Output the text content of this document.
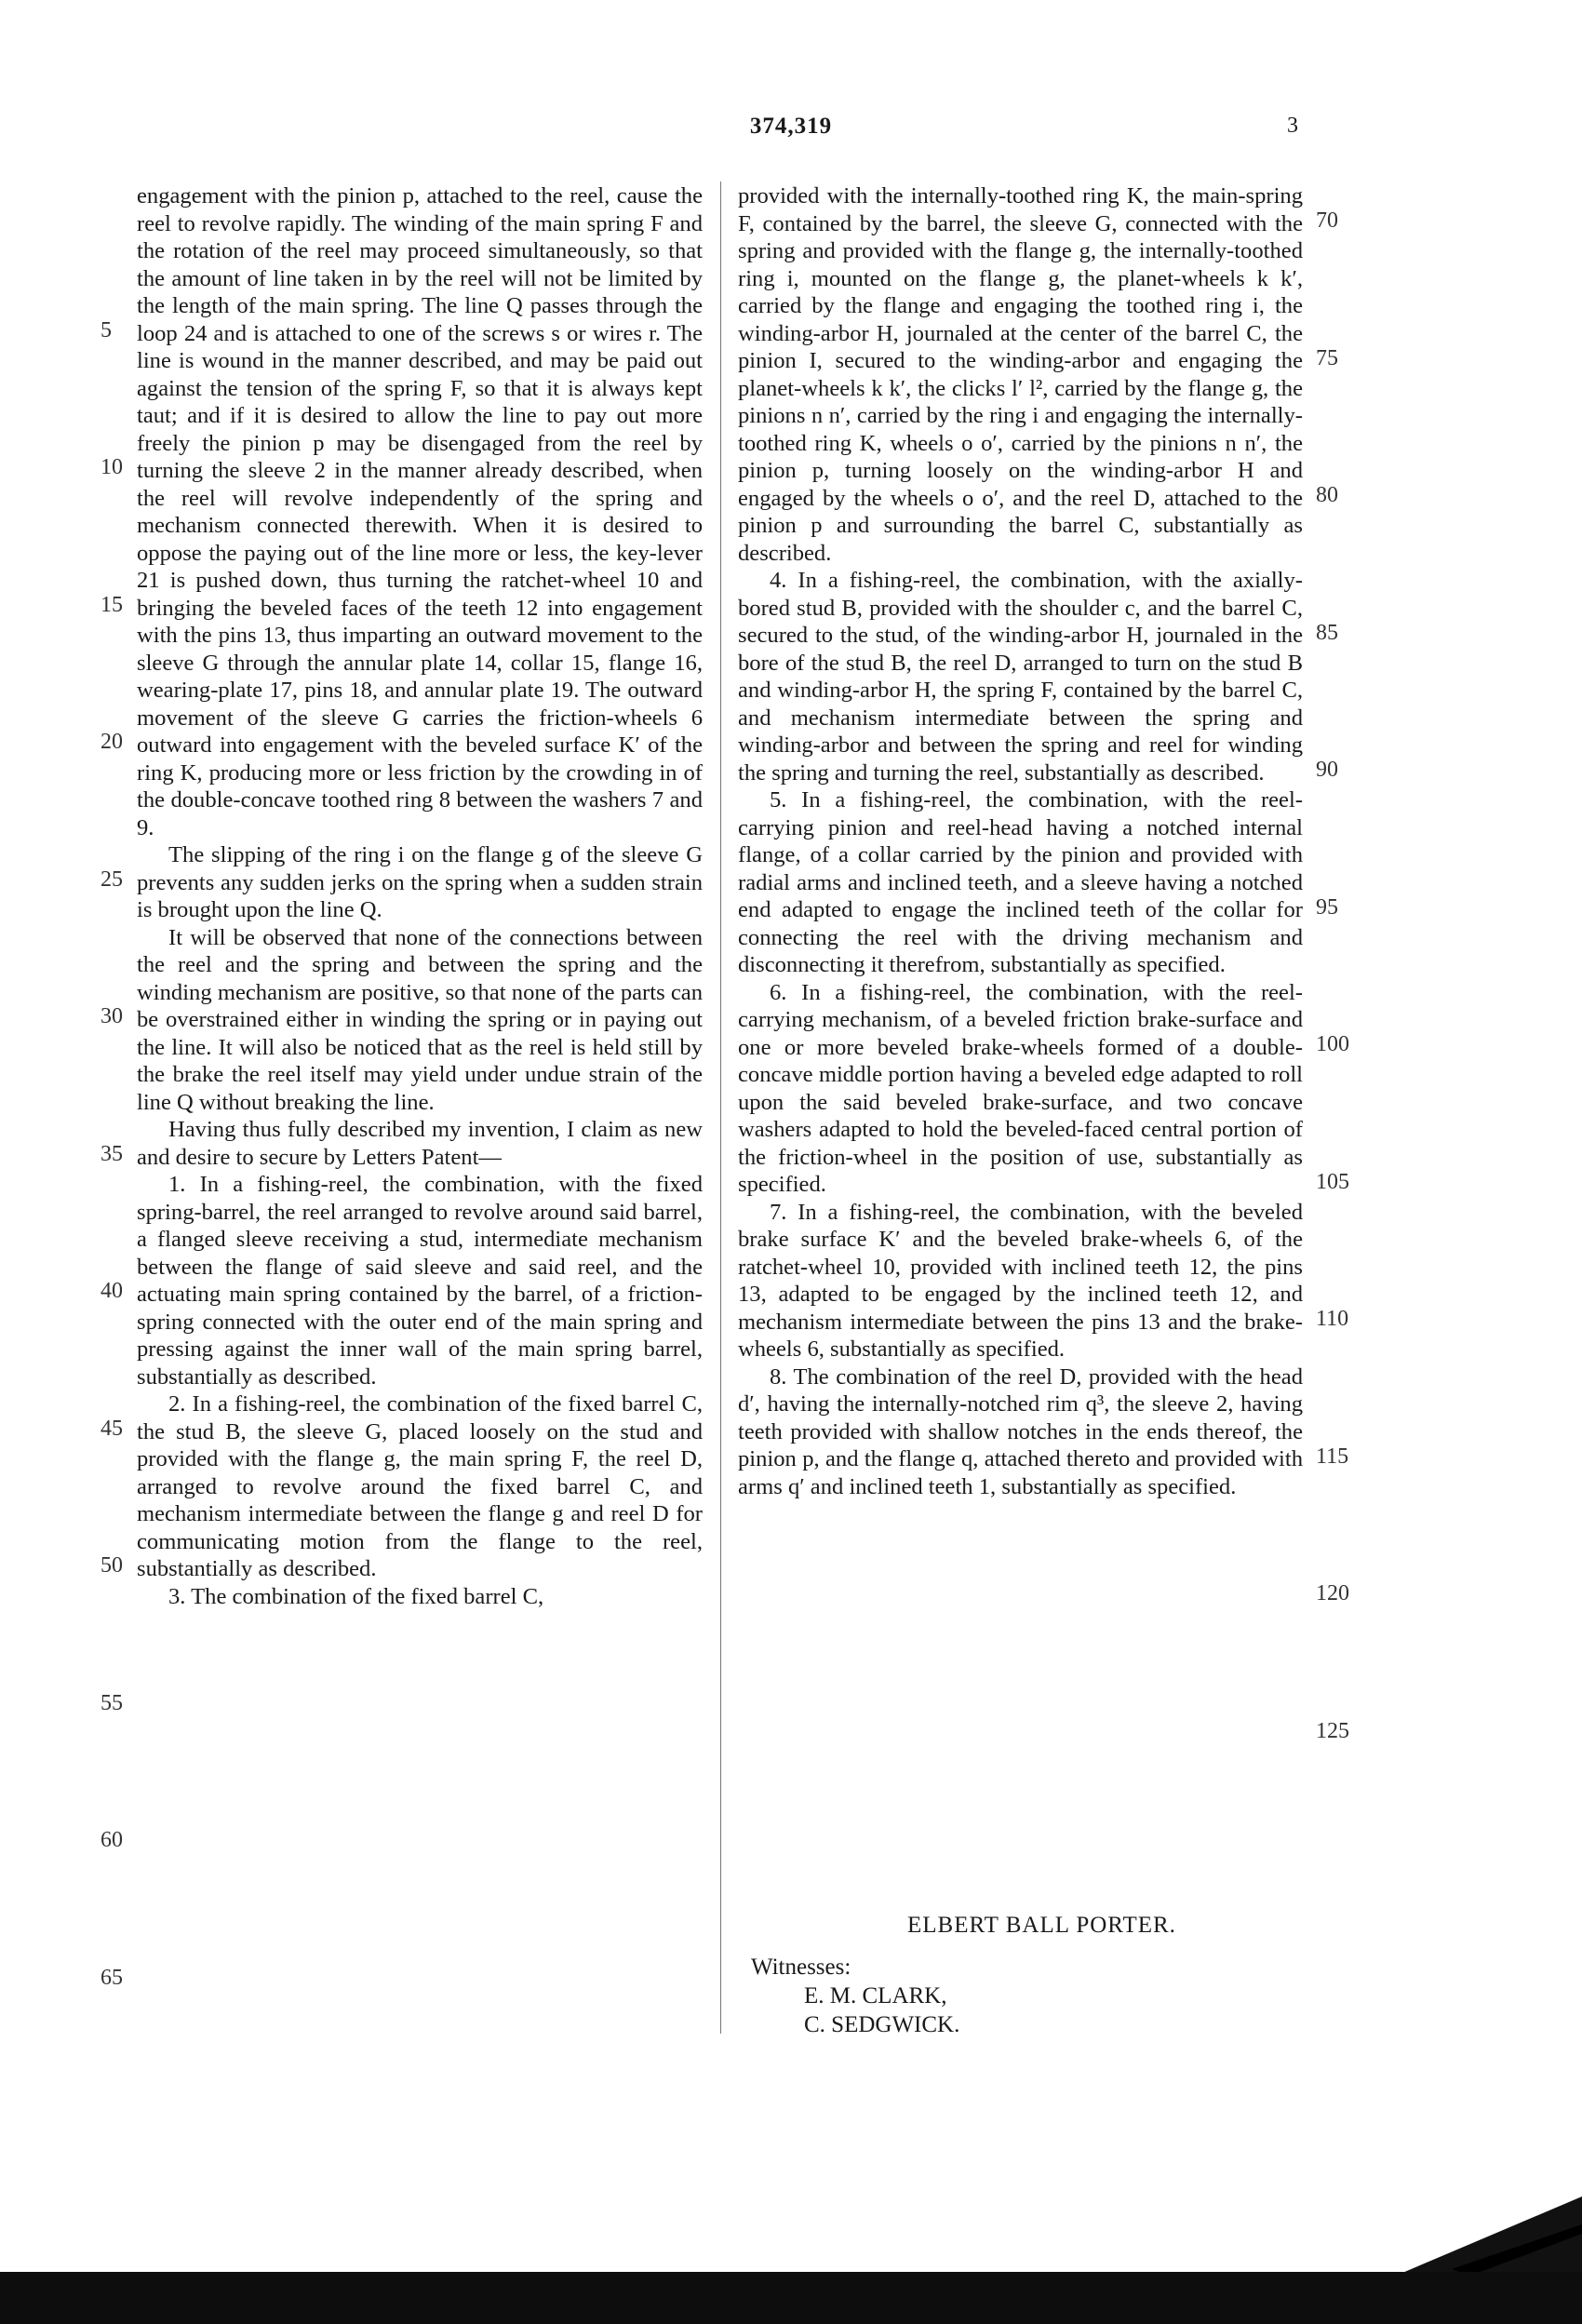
374,319	3

engagement with the pinion p, attached to the reel, cause the reel to revolve rapidly. The winding of the main spring F and the rotation of the reel may proceed simultaneously, so that the amount of line taken in by the reel will not be limited by the length of the main spring. The line Q passes through the loop 24 and is attached to one of the screws s or wires r. The line is wound in the manner described, and may be paid out against the tension of the spring F, so that it is always kept taut; and if it is desired to allow the line to pay out more freely the pinion p may be disengaged from the reel by turning the sleeve 2 in the manner already described, when the reel will revolve independently of the spring and mechanism connected therewith. When it is desired to oppose the paying out of the line more or less, the key-lever 21 is pushed down, thus turning the ratchet-wheel 10 and bringing the beveled faces of the teeth 12 into engagement with the pins 13, thus imparting an outward movement to the sleeve G through the annular plate 14, collar 15, flange 16, wearing-plate 17, pins 18, and annular plate 19. The outward movement of the sleeve G carries the friction-wheels 6 outward into engagement with the beveled surface K′ of the ring K, producing more or less friction by the crowding in of the double-concave toothed ring 8 between the washers 7 and 9.

The slipping of the ring i on the flange g of the sleeve G prevents any sudden jerks on the spring when a sudden strain is brought upon the line Q.

It will be observed that none of the connections between the reel and the spring and between the spring and the winding mechanism are positive, so that none of the parts can be overstrained either in winding the spring or in paying out the line. It will also be noticed that as the reel is held still by the brake the reel itself may yield under undue strain of the line Q without breaking the line.

Having thus fully described my invention, I claim as new and desire to secure by Letters Patent—

1. In a fishing-reel, the combination, with the fixed spring-barrel, the reel arranged to revolve around said barrel, a flanged sleeve receiving a stud, intermediate mechanism between the flange of said sleeve and said reel, and the actuating main spring contained by the barrel, of a friction-spring connected with the outer end of the main spring and pressing against the inner wall of the main spring barrel, substantially as described.

2. In a fishing-reel, the combination of the fixed barrel C, the stud B, the sleeve G, placed loosely on the stud and provided with the flange g, the main spring F, the reel D, arranged to revolve around the fixed barrel C, and mechanism intermediate between the flange g and reel D for communicating motion from the flange to the reel, substantially as described.

3. The combination of the fixed barrel C,

provided with the internally-toothed ring K, the main-spring F, contained by the barrel, the sleeve G, connected with the spring and provided with the flange g, the internally-toothed ring i, mounted on the flange g, the planet-wheels k k′, carried by the flange and engaging the toothed ring i, the winding-arbor H, journaled at the center of the barrel C, the pinion I, secured to the winding-arbor and engaging the planet-wheels k k′, the clicks l′ l², carried by the flange g, the pinions n n′, carried by the ring i and engaging the internally-toothed ring K, wheels o o′, carried by the pinions n n′, the pinion p, turning loosely on the winding-arbor H and engaged by the wheels o o′, and the reel D, attached to the pinion p and surrounding the barrel C, substantially as described.

4. In a fishing-reel, the combination, with the axially-bored stud B, provided with the shoulder c, and the barrel C, secured to the stud, of the winding-arbor H, journaled in the bore of the stud B, the reel D, arranged to turn on the stud B and winding-arbor H, the spring F, contained by the barrel C, and mechanism intermediate between the spring and winding-arbor and between the spring and reel for winding the spring and turning the reel, substantially as described.

5. In a fishing-reel, the combination, with the reel-carrying pinion and reel-head having a notched internal flange, of a collar carried by the pinion and provided with radial arms and inclined teeth, and a sleeve having a notched end adapted to engage the inclined teeth of the collar for connecting the reel with the driving mechanism and disconnecting it therefrom, substantially as specified.

6. In a fishing-reel, the combination, with the reel-carrying mechanism, of a beveled friction brake-surface and one or more beveled brake-wheels formed of a double-concave middle portion having a beveled edge adapted to roll upon the said beveled brake-surface, and two concave washers adapted to hold the beveled-faced central portion of the friction-wheel in the position of use, substantially as specified.

7. In a fishing-reel, the combination, with the beveled brake surface K′ and the beveled brake-wheels 6, of the ratchet-wheel 10, provided with inclined teeth 12, the pins 13, adapted to be engaged by the inclined teeth 12, and mechanism intermediate between the pins 13 and the brake-wheels 6, substantially as specified.

8. The combination of the reel D, provided with the head d′, having the internally-notched rim q³, the sleeve 2, having teeth provided with shallow notches in the ends thereof, the pinion p, and the flange q, attached thereto and provided with arms q′ and inclined teeth 1, substantially as specified.

5
10
15
20
25
30
35
40
45
50
55
60
65
70
75
80
85
90
95
100
105
110
115
120
125
ELBERT BALL PORTER.
Witnesses:
E. M. CLARK,
C. SEDGWICK.
